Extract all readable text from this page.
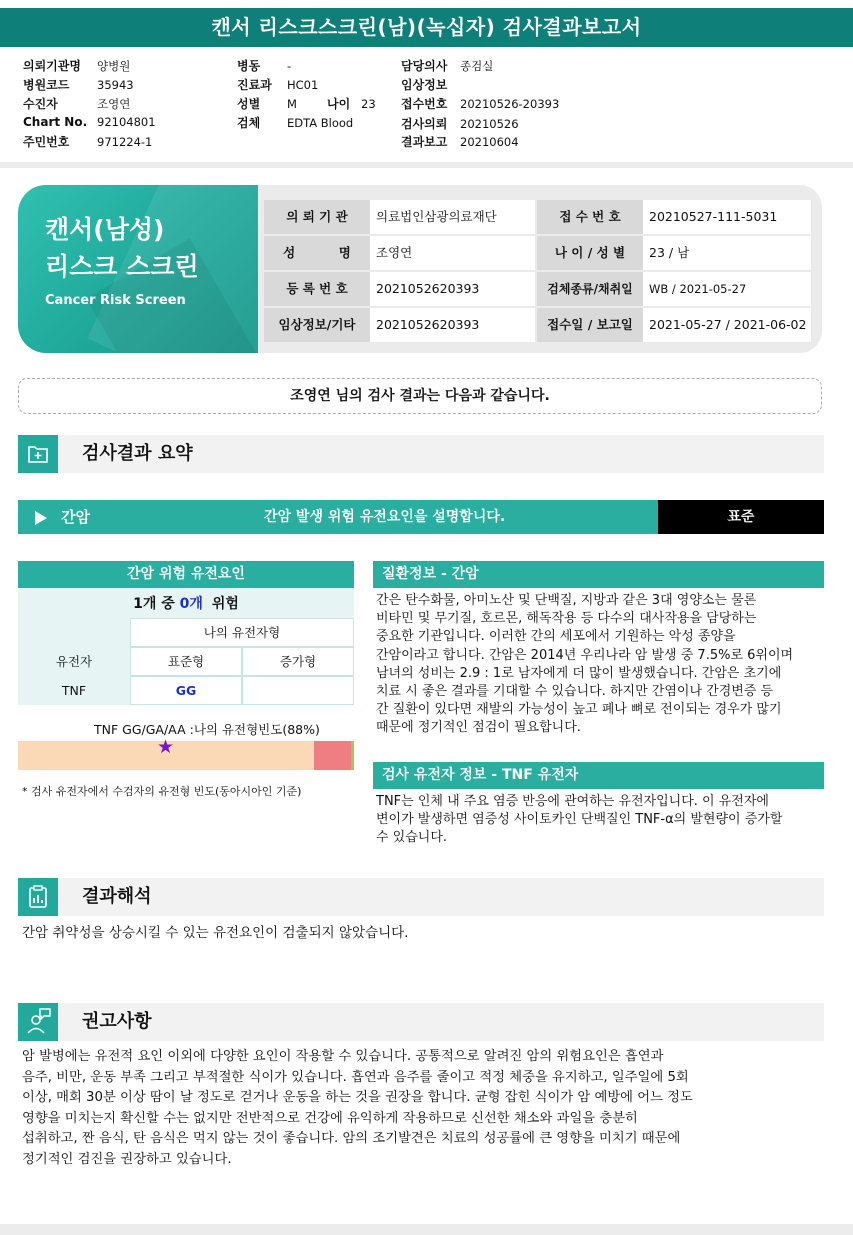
캔서 리스크스크린(남)(녹십자) 검사결과보고서
의뢰기관명 양병원
병원코드 35943
수진자	조영연
Chart No. 92104801
주민번호 971224-1
병동 -
진료과 HC01
성별 M	나이 23
검체 EDTA Blood
담당의사 종검실
임상정보
접수번호 20210526-20393
검사의뢰 20210526
결과보고 20210604
캔서(남성)
리스크 스크린
Cancer Risk Screen
의 뢰 기 관	의료법인삼광의료재단	접 수 번 호	20210527-111-5031
성          명	조영연	나 이 / 성 별	23 / 남
등 록 번 호	2021052620393	검체종류/채취일	WB / 2021-05-27
임상정보/기타	2021052620393	접수일 / 보고일	2021-05-27 / 2021-06-02
조영연 님의 검사 결과는 다음과 같습니다.
검사결과 요약
간암	간암 발생 위험 유전요인을 설명합니다.	표준
간암 위험 유전요인
1개 중 0개 위험
나의 유전자형
유전자	표준형	증가형
TNF	GG
TNF GG/GA/AA :나의 유전형빈도(88%)
★
* 검사 유전자에서 수검자의 유전형 빈도(동아시아인 기준)
질환정보 - 간암
간은 탄수화물, 아미노산 및 단백질, 지방과 같은 3대 영양소는 물론
비타민 및 무기질, 호르몬, 해독작용 등 다수의 대사작용을 담당하는
중요한 기관입니다. 이러한 간의 세포에서 기원하는 악성 종양을
간암이라고 합니다. 간암은 2014년 우리나라 암 발생 중 7.5%로 6위이며
남녀의 성비는 2.9 : 1로 남자에게 더 많이 발생했습니다. 간암은 초기에
치료 시 좋은 결과를 기대할 수 있습니다. 하지만 간염이나 간경변증 등
간 질환이 있다면 재발의 가능성이 높고 폐나 뼈로 전이되는 경우가 많기
때문에 정기적인 점검이 필요합니다.
검사 유전자 정보 - TNF 유전자
TNF는 인체 내 주요 염증 반응에 관여하는 유전자입니다. 이 유전자에
변이가 발생하면 염증성 사이토카인 단백질인 TNF-α의 발현량이 증가할
수 있습니다.
결과해석
간암 취약성을 상승시킬 수 있는 유전요인이 검출되지 않았습니다.
권고사항
암 발병에는 유전적 요인 이외에 다양한 요인이 작용할 수 있습니다. 공통적으로 알려진 암의 위험요인은 흡연과
음주, 비만, 운동 부족 그리고 부적절한 식이가 있습니다. 흡연과 음주를 줄이고 적정 체중을 유지하고, 일주일에 5회
이상, 매회 30분 이상 땀이 날 정도로 걷거나 운동을 하는 것을 권장을 합니다. 균형 잡힌 식이가 암 예방에 어느 정도
영향을 미치는지 확신할 수는 없지만 전반적으로 건강에 유익하게 작용하므로 신선한 채소와 과일을 충분히
섭취하고, 짠 음식, 탄 음식은 먹지 않는 것이 좋습니다. 암의 조기발견은 치료의 성공률에 큰 영향을 미치기 때문에
정기적인 검진을 권장하고 있습니다.
